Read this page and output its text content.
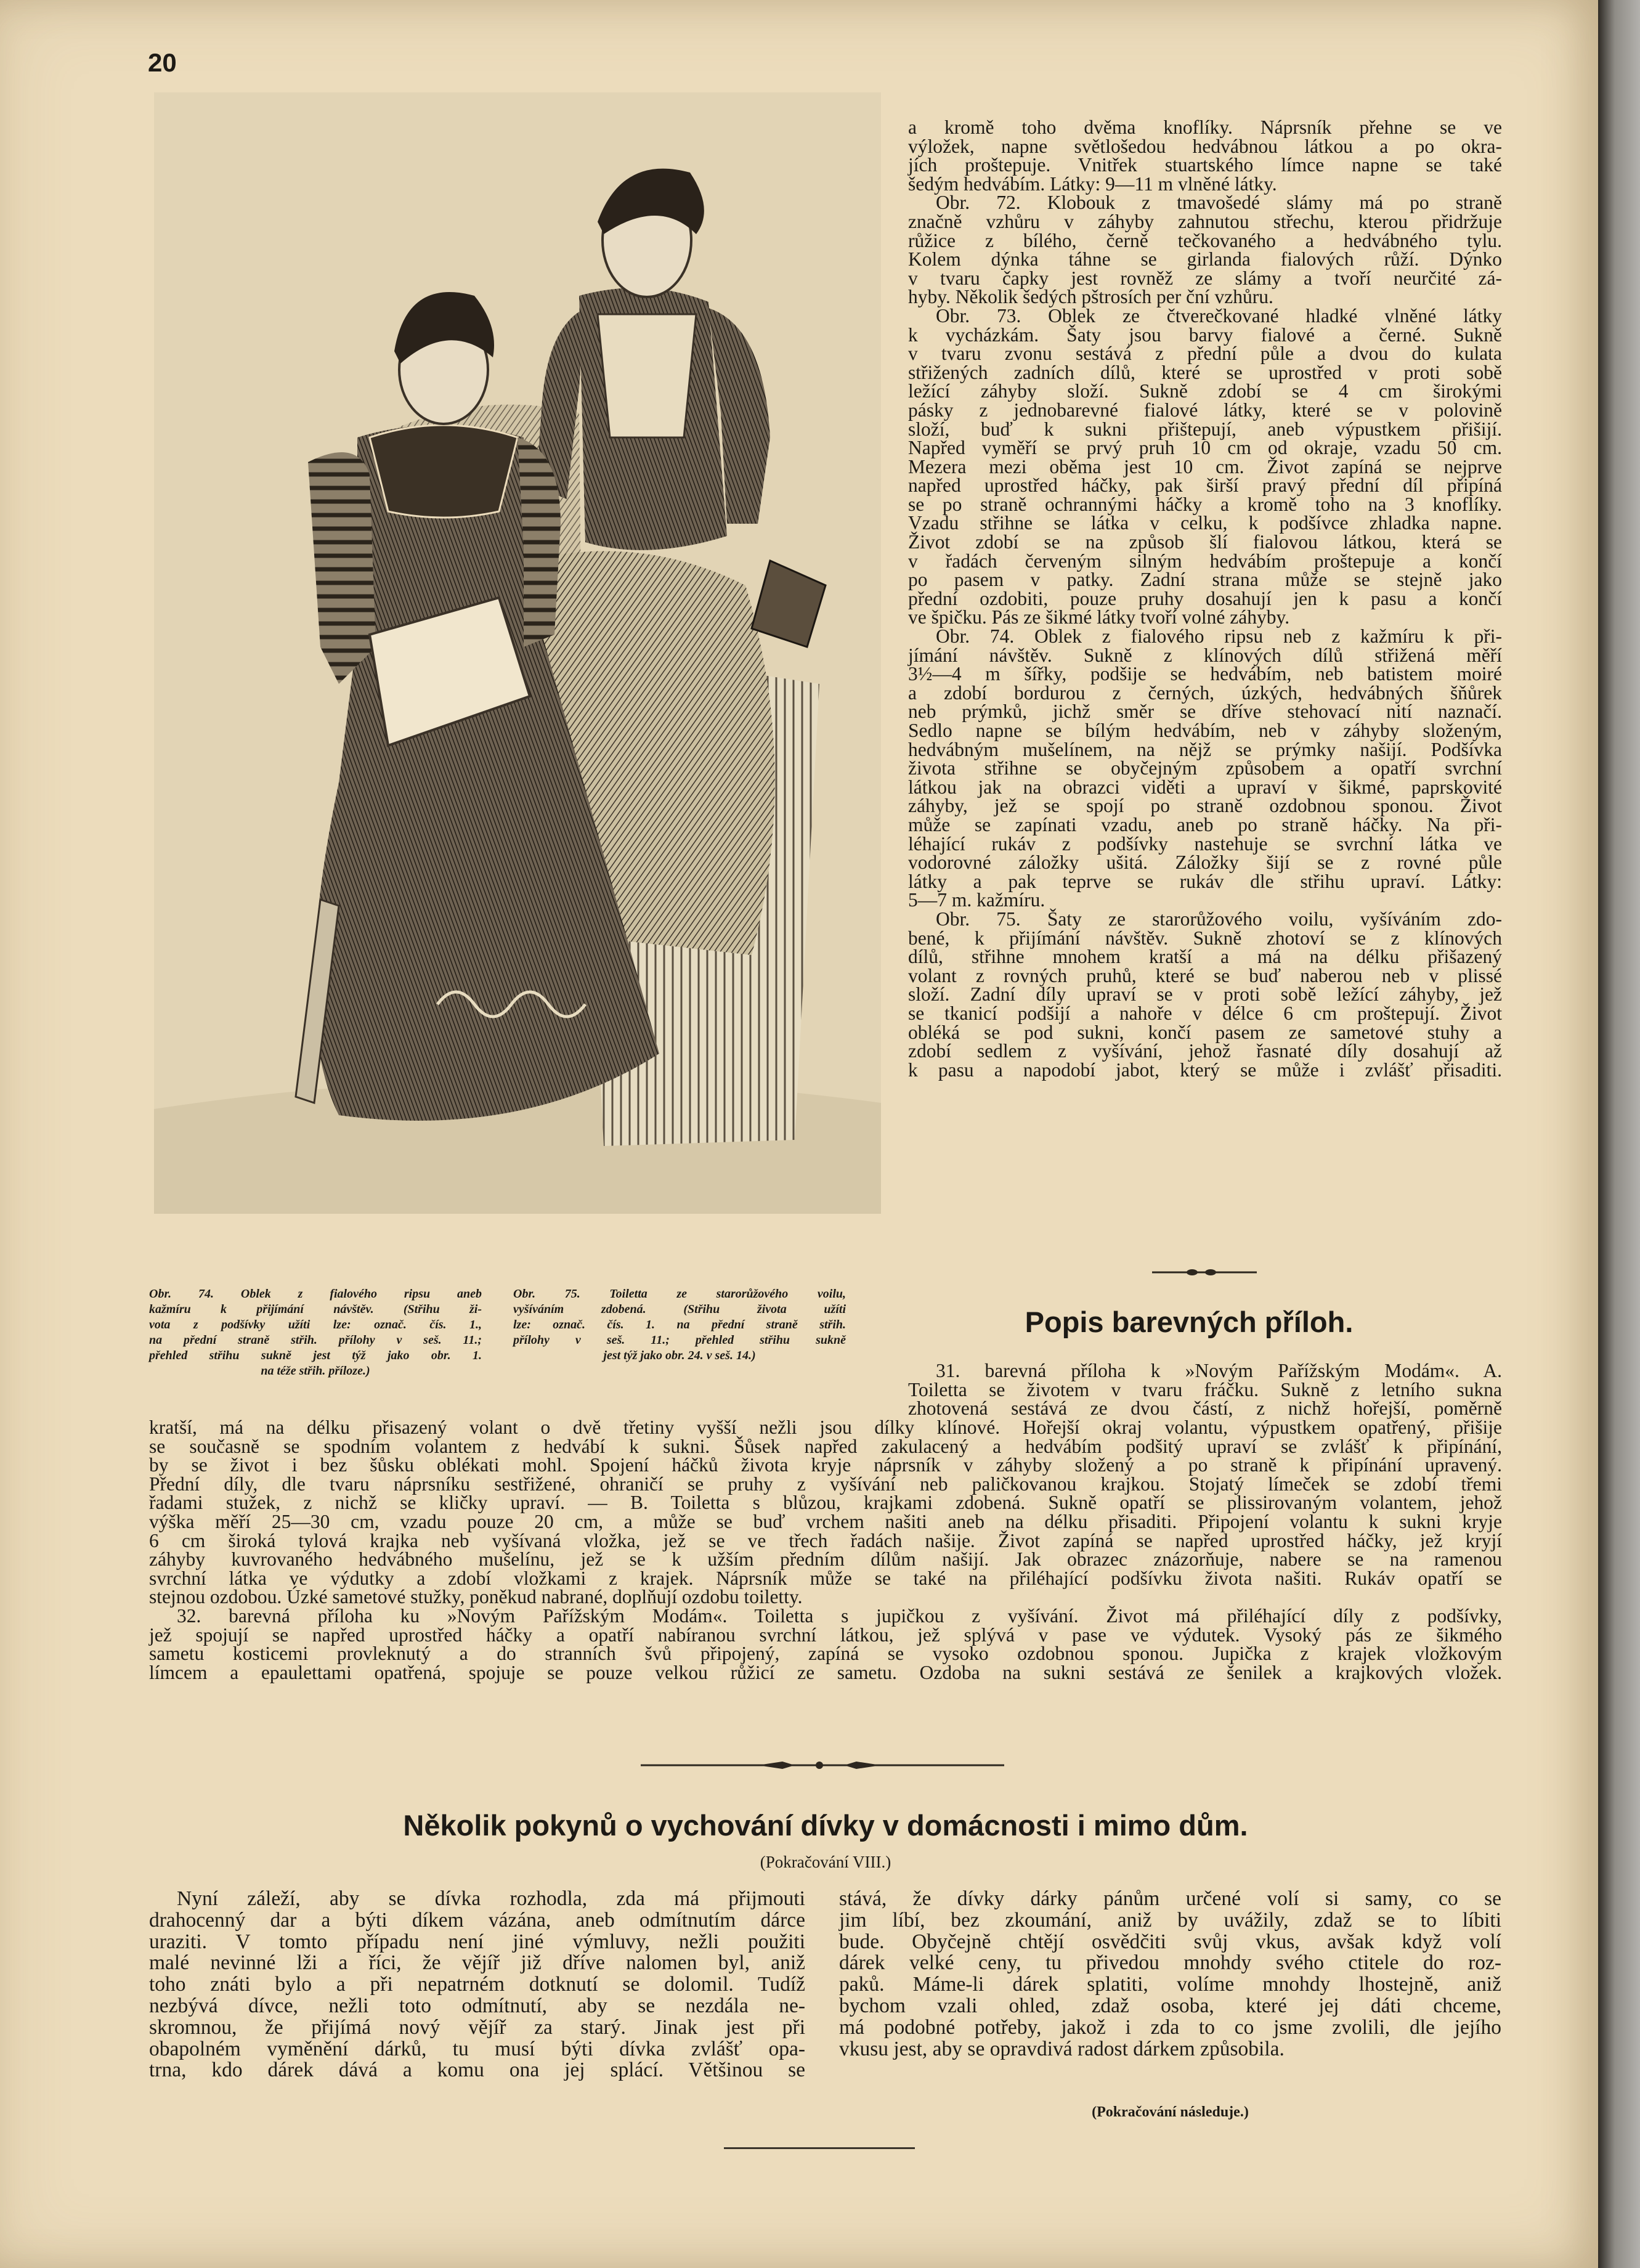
20
a kromě toho dvěma knoflíky. Náprsník přehne se ve
výložek, napne světlošedou hedvábnou látkou a po okra-
jích proštepuje. Vnitřek stuartského límce napne se také
šedým hedvábím. Látky: 9—11 m vlněné látky.
Obr. 72. Klobouk z tmavošedé slámy má po straně
značně vzhůru v záhyby zahnutou střechu, kterou přidržuje
růžice z bílého, černě tečkovaného a hedvábného tylu.
Kolem dýnka táhne se girlanda fialových růží. Dýnko
v tvaru čapky jest rovněž ze slámy a tvoří neurčité zá-
hyby. Několik šedých pštrosích per ční vzhůru.
Obr. 73. Oblek ze čtverečkované hladké vlněné látky
k vycházkám. Šaty jsou barvy fialové a černé. Sukně
v tvaru zvonu sestává z přední půle a dvou do kulata
střižených zadních dílů, které se uprostřed v proti sobě
ležící záhyby složí. Sukně zdobí se 4 cm širokými
pásky z jednobarevné fialové látky, které se v polovině
složí, buď k sukni přištepují, aneb výpustkem přišijí.
Napřed vyměří se prvý pruh 10 cm od okraje, vzadu 50 cm.
Mezera mezi oběma jest 10 cm. Život zapíná se nejprve
napřed uprostřed háčky, pak širší pravý přední díl připíná
se po straně ochrannými háčky a kromě toho na 3 knoflíky.
Vzadu střihne se látka v celku, k podšívce zhladka napne.
Život zdobí se na způsob šlí fialovou látkou, která se
v řadách červeným silným hedvábím proštepuje a končí
po pasem v patky. Zadní strana může se stejně jako
přední ozdobiti, pouze pruhy dosahují jen k pasu a končí
ve špičku. Pás ze šikmé látky tvoří volné záhyby.
Obr. 74. Oblek z fialového ripsu neb z kažmíru k při-
jímání návštěv. Sukně z klínových dílů střižená měří
3½—4 m šířky, podšije se hedvábím, neb batistem moiré
a zdobí bordurou z černých, úzkých, hedvábných šňůrek
neb prýmků, jichž směr se dříve stehovací nití naznačí.
Sedlo napne se bílým hedvábím, neb v záhyby složeným,
hedvábným mušelínem, na nějž se prýmky našijí. Podšívka
života střihne se obyčejným způsobem a opatří svrchní
látkou jak na obrazci viděti a upraví v šikmé, paprskovité
záhyby, jež se spojí po straně ozdobnou sponou. Život
může se zapínati vzadu, aneb po straně háčky. Na při-
léhající rukáv z podšívky nastehuje se svrchní látka ve
vodorovné záložky ušitá. Záložky šijí se z rovné půle
látky a pak teprve se rukáv dle střihu upraví. Látky:
5—7 m. kažmíru.
Obr. 75. Šaty ze starorůžového voilu, vyšíváním zdo-
bené, k přijímání návštěv. Sukně zhotoví se z klínových
dílů, střihne mnohem kratší a má na délku přišazený
volant z rovných pruhů, které se buď naberou neb v plissé
složí. Zadní díly upraví se v proti sobě ležící záhyby, jež
se tkanicí podšijí a nahoře v délce 6 cm proštepují. Život
obléká se pod sukni, končí pasem ze sametové stuhy a
zdobí sedlem z vyšívání, jehož řasnaté díly dosahují až
k pasu a napodobí jabot, který se může i zvlášť přisaditi.
Obr. 74. Oblek z fialového ripsu aneb
kažmíru k přijímání návštěv. (Střihu ži-
vota z podšívky užíti lze: označ. čís. 1.,
na přední straně střih. přílohy v seš. 11.;
přehled střihu sukně jest týž jako obr. 1.
na téže střih. příloze.)
Obr. 75. Toiletta ze starorůžového voilu,
vyšíváním zdobená. (Střihu života užíti
lze: označ. čís. 1. na přední straně střih.
přílohy v seš. 11.; přehled střihu sukně
jest týž jako obr. 24. v seš. 14.)
Popis barevných příloh.
31. barevná příloha k »Novým Pařížským Modám«. A.
Toiletta se životem v tvaru fráčku. Sukně z letního sukna
zhotovená sestává ze dvou částí, z nichž hořejší, poměrně
kratší, má na délku přisazený volant o dvě třetiny vyšší nežli jsou dílky klínové. Hořejší okraj volantu, výpustkem opatřený, přišije
se současně se spodním volantem z hedvábí k sukni. Šůsek napřed zakulacený a hedvábím podšitý upraví se zvlášť k připínání,
by se život i bez šůsku oblékati mohl. Spojení háčků života kryje náprsník v záhyby složený a po straně k připínání upravený.
Přední díly, dle tvaru náprsníku sestřižené, ohraničí se pruhy z vyšívání neb paličkovanou krajkou. Stojatý límeček se zdobí třemi
řadami stužek, z nichž se kličky upraví. — B. Toiletta s blůzou, krajkami zdobená. Sukně opatří se plissirovaným volantem, jehož
výška měří 25—30 cm, vzadu pouze 20 cm, a může se buď vrchem našiti aneb na délku přisaditi. Připojení volantu k sukni kryje
6 cm široká tylová krajka neb vyšívaná vložka, jež se ve třech řadách našije. Život zapíná se napřed uprostřed háčky, jež kryjí
záhyby kuvrovaného hedvábného mušelínu, jež se k užším předním dílům našijí. Jak obrazec znázorňuje, nabere se na ramenou
svrchní látka ve výdutky a zdobí vložkami z krajek. Náprsník může se také na přiléhající podšívku života našiti. Rukáv opatří se
stejnou ozdobou. Úzké sametové stužky, poněkud nabrané, doplňují ozdobu toiletty.
32. barevná příloha ku »Novým Pařížským Modám«. Toiletta s jupičkou z vyšívání. Život má přiléhající díly z podšívky,
jež spojují se napřed uprostřed háčky a opatří nabíranou svrchní látkou, jež splývá v pase ve výdutek. Vysoký pás ze šikmého
sametu kosticemi provleknutý a do stranních švů připojený, zapíná se vysoko ozdobnou sponou. Jupička z krajek vložkovým
límcem a epaulettami opatřená, spojuje se pouze velkou růžicí ze sametu. Ozdoba na sukni sestává ze šenilek a krajkových vložek.
Několik pokynů o vychování dívky v domácnosti i mimo dům.
(Pokračování VIII.)
Nyní záleží, aby se dívka rozhodla, zda má přijmouti
drahocenný dar a býti díkem vázána, aneb odmítnutím dárce
uraziti. V tomto případu není jiné výmluvy, nežli použiti
malé nevinné lži a říci, že vějíř již dříve nalomen byl, aniž
toho znáti bylo a při nepatrném dotknutí se dolomil. Tudíž
nezbývá dívce, nežli toto odmítnutí, aby se nezdála ne-
skromnou, že přijímá nový vějíř za starý. Jinak jest při
obapolném vyměnění dárků, tu musí býti dívka zvlášť opa-
trna, kdo dárek dává a komu ona jej splácí. Většinou se
stává, že dívky dárky pánům určené volí si samy, co se
jim líbí, bez zkoumání, aniž by uvážily, zdaž se to líbiti
bude. Obyčejně chtějí osvědčiti svůj vkus, avšak když volí
dárek velké ceny, tu přivedou mnohdy svého ctitele do roz-
paků. Máme-li dárek splatiti, volíme mnohdy lhostejně, aniž
bychom vzali ohled, zdaž osoba, které jej dáti chceme,
má podobné potřeby, jakož i zda to co jsme zvolili, dle jejího
vkusu jest, aby se opravdivá radost dárkem způsobila.
(Pokračování následuje.)
